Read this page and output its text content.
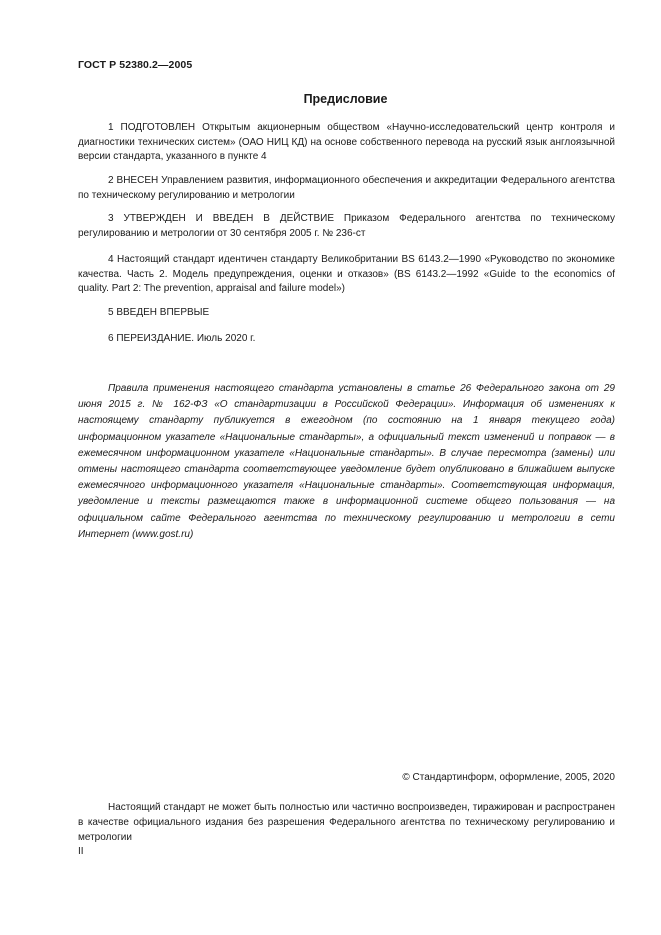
ГОСТ Р 52380.2—2005
Предисловие

1 ПОДГОТОВЛЕН Открытым акционерным обществом «Научно-исследовательский центр контроля и диагностики технических систем» (ОАО НИЦ КД) на основе собственного перевода на русский язык англоязычной версии стандарта, указанного в пункте 4

2 ВНЕСЕН Управлением развития, информационного обеспечения и аккредитации Федерального агентства по техническому регулированию и метрологии

3 УТВЕРЖДЕН И ВВЕДЕН В ДЕЙСТВИЕ Приказом Федерального агентства по техническому регулированию и метрологии от 30 сентября 2005 г. № 236-ст

4 Настоящий стандарт идентичен стандарту Великобритании BS 6143.2—1990 «Руководство по экономике качества. Часть 2. Модель предупреждения, оценки и отказов» (BS 6143.2—1992 «Guide to the economics of quality. Part 2: The prevention, appraisal and failure model»)

5 ВВЕДЕН ВПЕРВЫЕ

6 ПЕРЕИЗДАНИЕ. Июль 2020 г.

Правила применения настоящего стандарта установлены в статье 26 Федерального закона от 29 июня 2015 г. № 162-ФЗ «О стандартизации в Российской Федерации». Информация об изменениях к настоящему стандарту публикуется в ежегодном (по состоянию на 1 января текущего года) информационном указателе «Национальные стандарты», а официальный текст изменений и поправок — в ежемесячном информационном указателе «Национальные стандарты». В случае пересмотра (замены) или отмены настоящего стандарта соответствующее уведомление будет опубликовано в ближайшем выпуске ежемесячного информационного указателя «Национальные стандарты». Соответствующая информация, уведомление и тексты размещаются также в информационной системе общего пользования — на официальном сайте Федерального агентства по техническому регулированию и метрологии в сети Интернет (www.gost.ru)

© Стандартинформ, оформление, 2005, 2020

Настоящий стандарт не может быть полностью или частично воспроизведен, тиражирован и распространен в качестве официального издания без разрешения Федерального агентства по техническому регулированию и метрологии

II
